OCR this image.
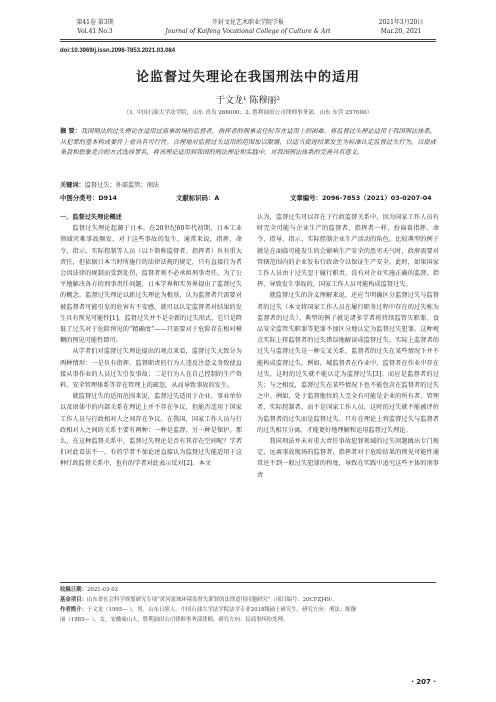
第41卷 第3期
Vol.41 No.3
开封文化艺术职业学院学报
Journal of Kaifeng Vocational College of Culture & Art
2021年3月20日
Mar.20, 2021
doi:10.3969/j.issn.2096-7853.2021.03.084
论监督过失理论在我国刑法中的适用
于文龙¹ 陈穆丽²
（1. 中国石油大学法学院，山东 青岛 266000；2. 胜利油田公司律师事务部，山东 东营 257000）
摘 要：我国刑法的过失理论在适用过高事故场的监督者，指挥者的刑事责任时存在适用上的困难。将监督过失理论适用于我国刑法体系，从犯罪的基本构成要件上看具有可行性。合理地对监督过失适用的范围加以限缩，以适当促进结果发生为标准认定监督过失行为，以促成条款和想象竞合的方式选择罪名，将该理论适用到我国的刑法理论和实践中，对我国刑法体系的完善具有意义。
关键词：监督过失；外部监管；刑法
中图分类号：D914	文献标识码：A	文章编号：2096-7853（2021）03-0207-04

一、监督过失理论概述

监督过失理论起源于日本。在20世纪60年代初期，日本工业领域灾难事故频发，对于这些事故的发生，通常来说，指挥、命令、指示、实际控制等人员（以下简称监督者、指挥者）负有重大责任，但依据日本当时所施行的法律法规的规定，只有直接行为者会因法律的规制而受到处罚，监督者则不必承担刑事责任。为了公平地解决各方的刑事责任问题，日本学界和实务界提出了监督过失的概念。监督过失理论以新过失理论为根基，认为监督者只需要对被监督者可能引发的危害有不安感，就可以认定监督者对结果的发生具有预见可能性[1]。监督过失并不是全新的过失形式，它只是降低了过失对于危险预见的“精确度”——只需要对于危险存在相对模糊的预见可能性即可。

从学者们对监督过失理论提出的观点来看，监督过失大致分为两种情形：一是负有指挥、监督职责的行为人违反注意义务致使直接从事作业的人员过失引发事故；二是行为人在自己控制的生产资料、安全管理体系等存在管理上的疏忽，从而导致事故的发生。

就监督过失的适用范围来说，监督过失适用于企业、事业单位以及团体中的内部关系在理论上并不存在争议，但能否适用于国家工作人员与行政相对人之间存在争议。在我国，国家工作人员与行政相对人之间的关系主要有两种：一种是监督，另一种是保护。那么，在这种监督关系中，监督过失理论是否有其存在空间呢？学者们对此看法不一，有的学者不加论述直接认为监督过失能适用于这种行政监督关系中，也有的学者对此表示反对[2]。本文

认为，监督过失可以存在于行政监督关系中，因为国家工作人员有时完全可能与企业生产的监督者、指挥者一样，扮演着指挥、命令、指导、指示、实际控制企业生产活动的角色。比较典型的例子就是在面临可能发生的会影响生产安全的恶劣天气时，政府需要对管辖范围内的企业发布行政命令以保证生产安全。此时，如果国家工作人员由于过失忽于履行职责，没有对企业实施正确的监督、指挥，导致发生事故的，国家工作人员可能构成监督过失。

就监督过失的含义理解来说，还应当明确区分监督过失与监督者的过失（本文将国家工作人员在履行职务过程中存在的过失称为监督者的过失）。典型的例子就是诸多学者将持续监管失职罪、食品安全监管失职罪等犯罪不加区分地认定为监督过失犯罪。这种观点实际上将监督者的过失错误地解读成监督过失。实际上监督者的过失与监督过失是一种交叉关系，监督者的过失在某些情况下并不能构成监督过失。例如，城监督者在作业中，监督者在作业中存在过失，这时的过失就不能认定为监督过失[3]。而应是监督者的过失；与之相反，监督过失在某些情况下也不能包含在监督者的过失之中。例如，处于监督地位的人完全有可能是企业的所有者、管理者、实际控制者，而不是国家工作人员，这时的过失就不能被评价为监督者的过失而是监督过失。只有在理论上将监督过失与监督者的过失相互分离，才能更好地理解和运用监督过失理论。

我国刑法并未对重大责任事故犯罪领域的过失问题做出专门规定，远离事故现场的监督者、指挥者对于危险结果的预见可能性通常还不到一般过失犯罪的程度，导致在实践中追究这些主体的刑事责

收稿日期：2021-03-02
基金项目：山东省社会科学规划研究专项“黄河流域环境监督失职罪的法律适用问题研究”（项目编号：20CFZJ49）。
作者简介：于文龙（1995— ），男，山东日照人，中国石油大学法学院法学专业2018级硕士研究生，研究方向：刑法；陈穆
丽（1985— ），女，安徽砀山人，胜利油田公司律师事务部律师，研究方向：民商事纠纷处理。
· 207 ·
